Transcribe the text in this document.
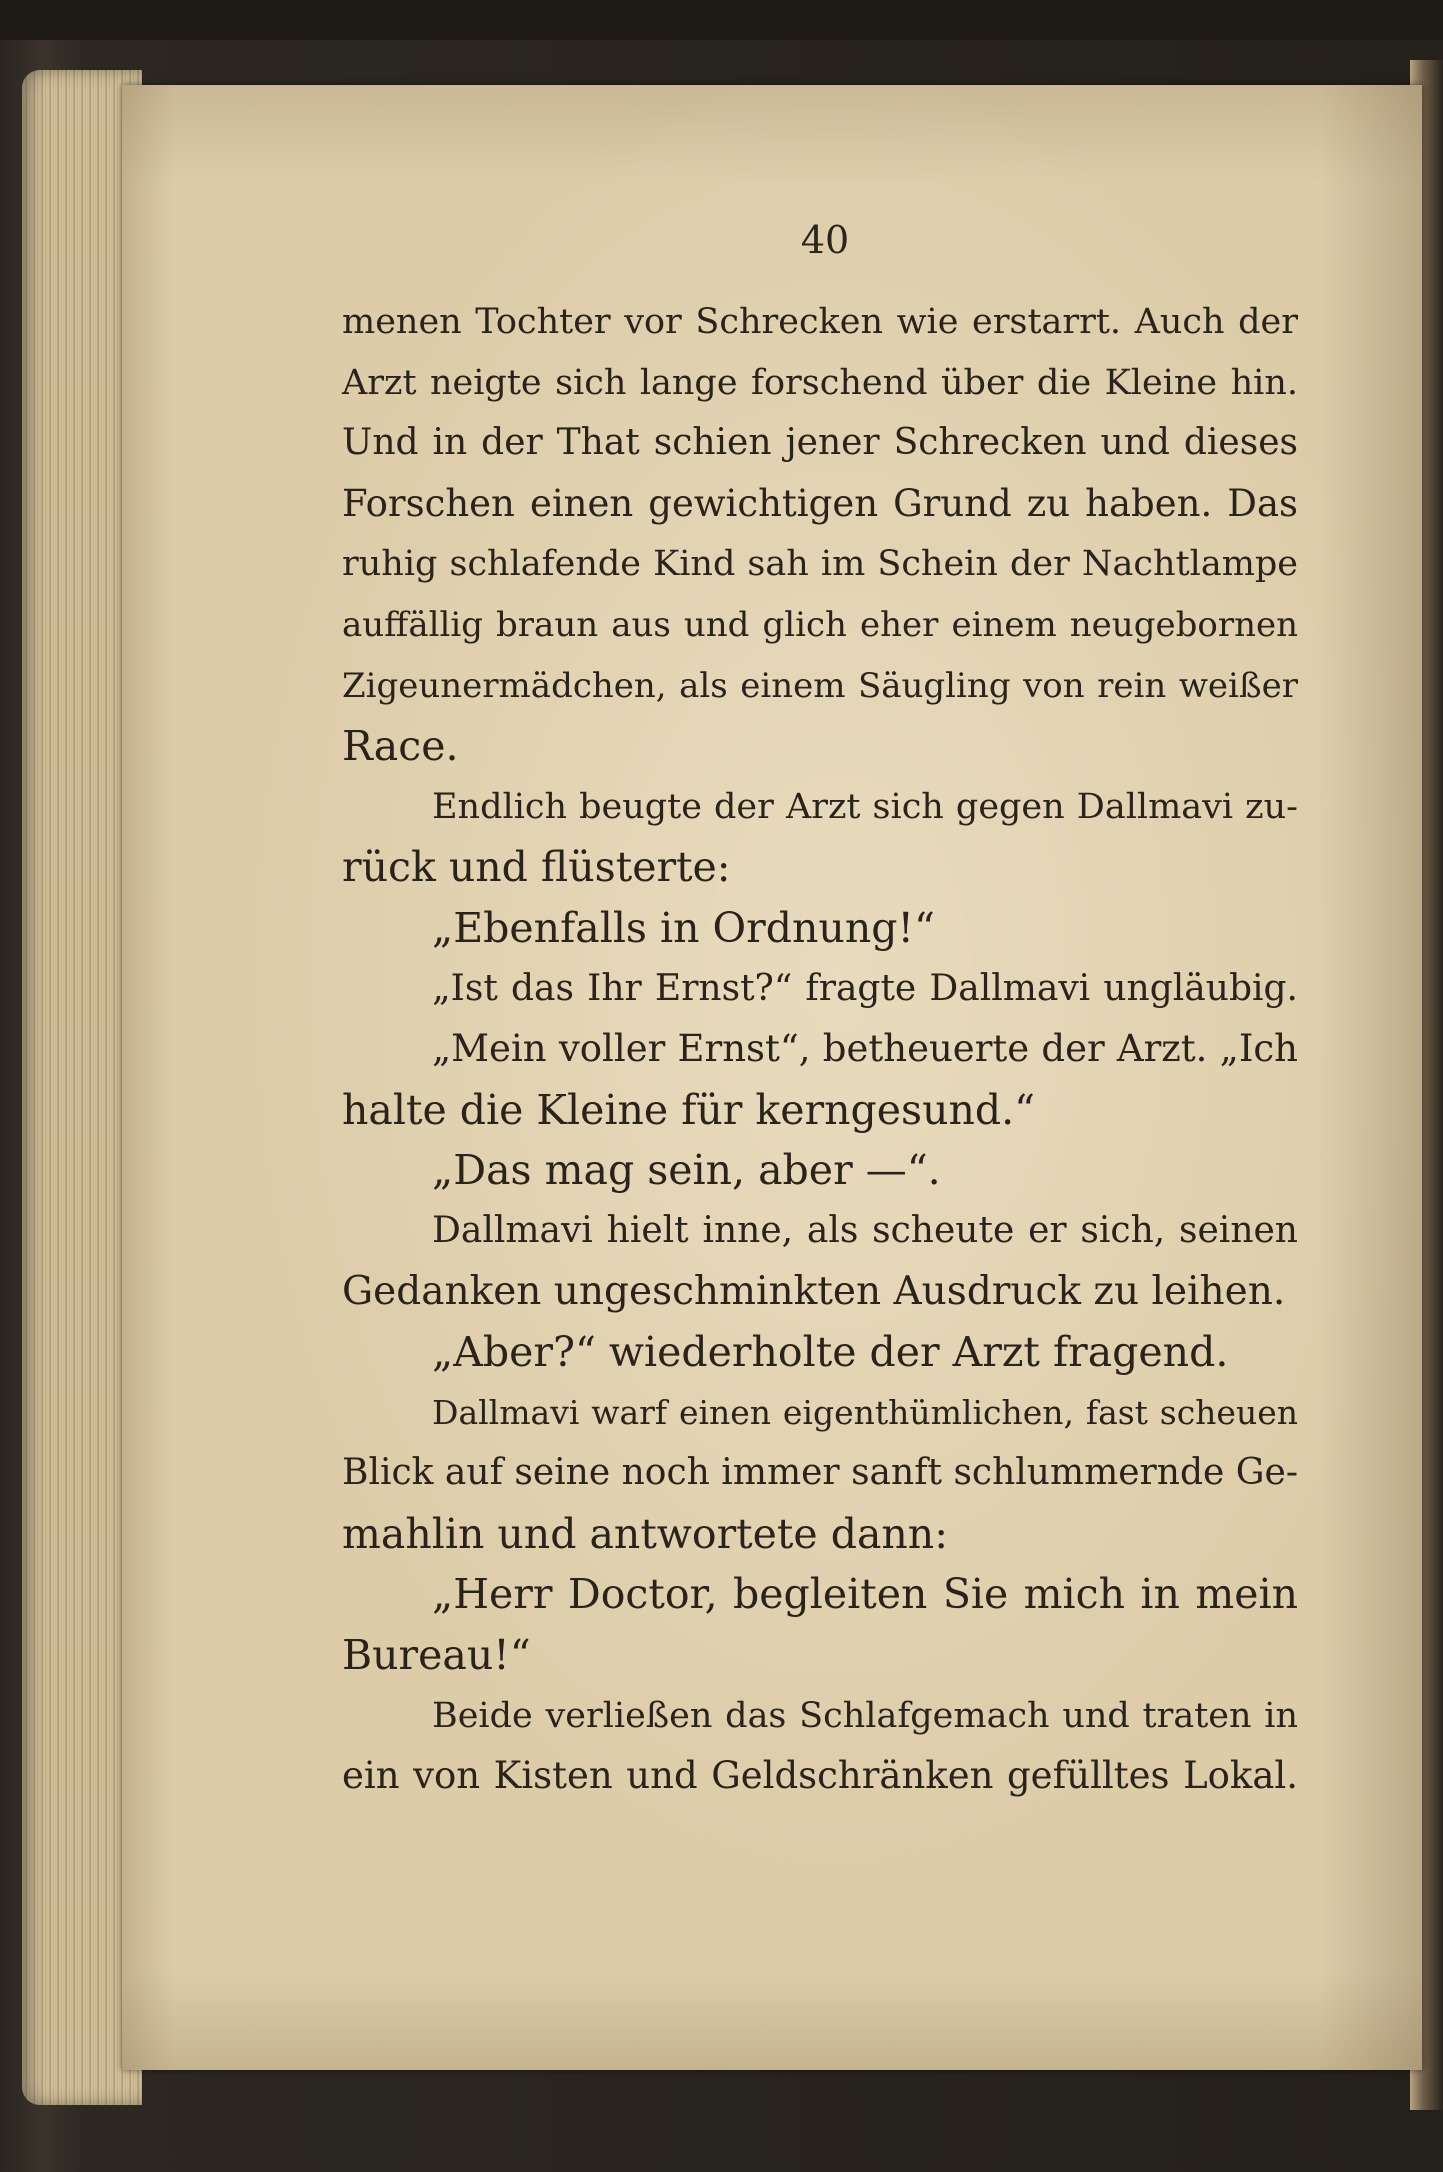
40
menen Tochter vor Schrecken wie erstarrt. Auch der
Arzt neigte sich lange forschend über die Kleine hin.
Und in der That schien jener Schrecken und dieses
Forschen einen gewichtigen Grund zu haben. Das
ruhig schlafende Kind sah im Schein der Nachtlampe
auffällig braun aus und glich eher einem neugebornen
Zigeunermädchen, als einem Säugling von rein weißer
Race.
Endlich beugte der Arzt sich gegen Dallmavi zu-
rück und flüsterte:
„Ebenfalls in Ordnung!“
„Ist das Ihr Ernst?“ fragte Dallmavi ungläubig.
„Mein voller Ernst“, betheuerte der Arzt. „Ich
halte die Kleine für kerngesund.“
„Das mag sein, aber —“.
Dallmavi hielt inne, als scheute er sich, seinen
Gedanken ungeschminkten Ausdruck zu leihen.
„Aber?“ wiederholte der Arzt fragend.
Dallmavi warf einen eigenthümlichen, fast scheuen
Blick auf seine noch immer sanft schlummernde Ge-
mahlin und antwortete dann:
„Herr Doctor, begleiten Sie mich in mein
Bureau!“
Beide verließen das Schlafgemach und traten in
ein von Kisten und Geldschränken gefülltes Lokal.
